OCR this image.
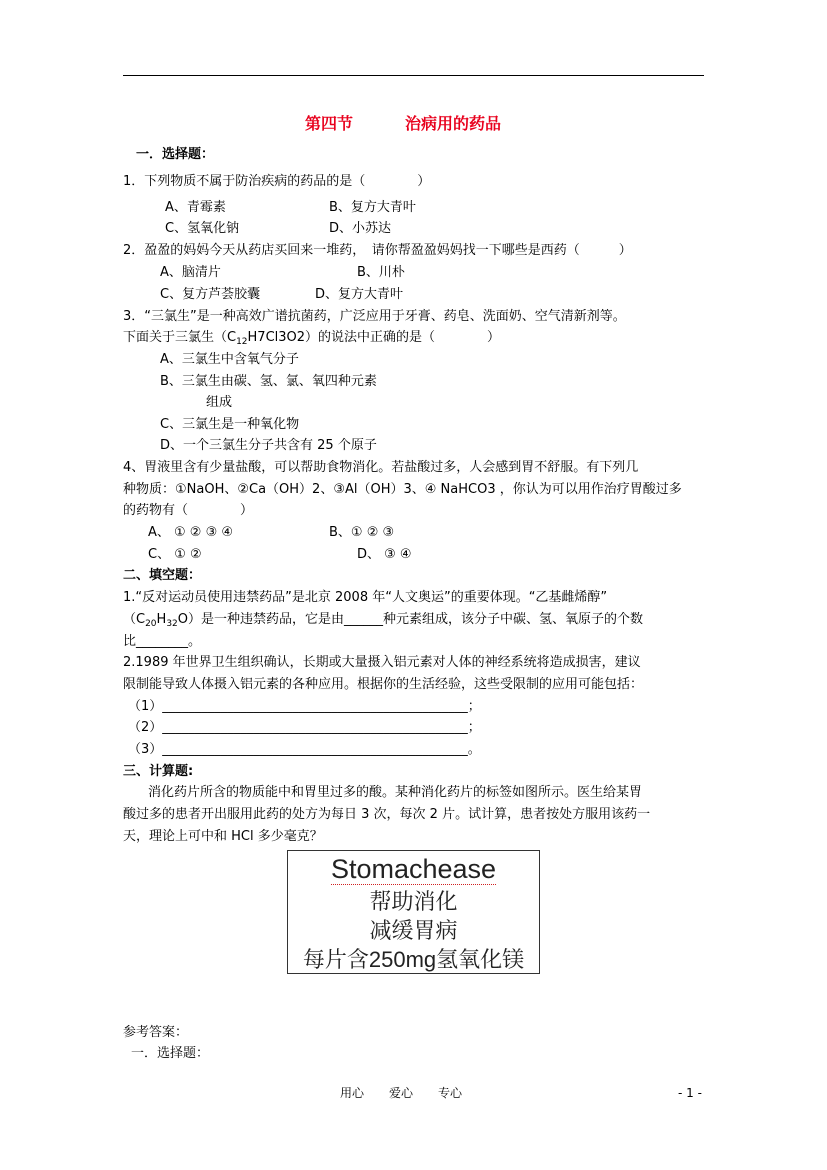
第四节	治病用的药品
一．选择题：
1．下列物质不属于防治疾病的药品的是（　　　　）
A、青霉素	B、复方大青叶
C、氢氧化钠	D、小苏达
2．盈盈的妈妈今天从药店买回来一堆药，　请你帮盈盈妈妈找一下哪些是西药（　　　）
A、脑清片	B、川朴
C、复方芦荟胶囊	D、复方大青叶
3．“三氯生”是一种高效广谱抗菌药，广泛应用于牙膏、药皂、洗面奶、空气清新剂等。
下面关于三氯生$(C_{12}H7Cl3O2)$的说法中正确的是（　　　　）
A、三氯生中含氧气分子
B、三氯生由碳、氢、氯、氧四种元素
组成
C、三氯生是一种氧化物
D、一个三氯生分子共含有 25 个原子
4、胃液里含有少量盐酸，可以帮助食物消化。若盐酸过多，人会感到胃不舒服。有下列几
种物质：①NaOH、②Ca（OH）2、③Al（OH）3、④ NaHCO3 ，你认为可以用作治疗胃酸过多
的药物有（　　　　）
A、 ① ② ③ ④	B、① ② ③
C、 ① ②	D、 ③ ④
二、填空题：
1.“反对运动员使用违禁药品”是北京 2008 年“人文奥运”的重要体现。“乙基雌烯醇”
$(C_{20}H_{32}O)$是一种违禁药品，它是由______种元素组成，该分子中碳、氢、氧原子的个数
比________。
2.1989 年世界卫生组织确认，长期或大量摄入铝元素对人体的神经系统将造成损害，建议
限制能导致人体摄入铝元素的各种应用。根据你的生活经验，这些受限制的应用可能包括：
（1）_______________________________________________；
（2）_______________________________________________；
（3）_______________________________________________。
三、计算题:
消化药片所含的物质能中和胃里过多的酸。某种消化药片的标签如图所示。医生给某胃
酸过多的患者开出服用此药的处方为每日 3 次，每次 2 片。试计算，患者按处方服用该药一
天，理论上可中和 HCl 多少毫克？
Stomachease
帮助消化
减缓胃病
每片含250mg氢氧化镁
参考答案：
一．选择题：
用心 爱心 专心	- 1 -
